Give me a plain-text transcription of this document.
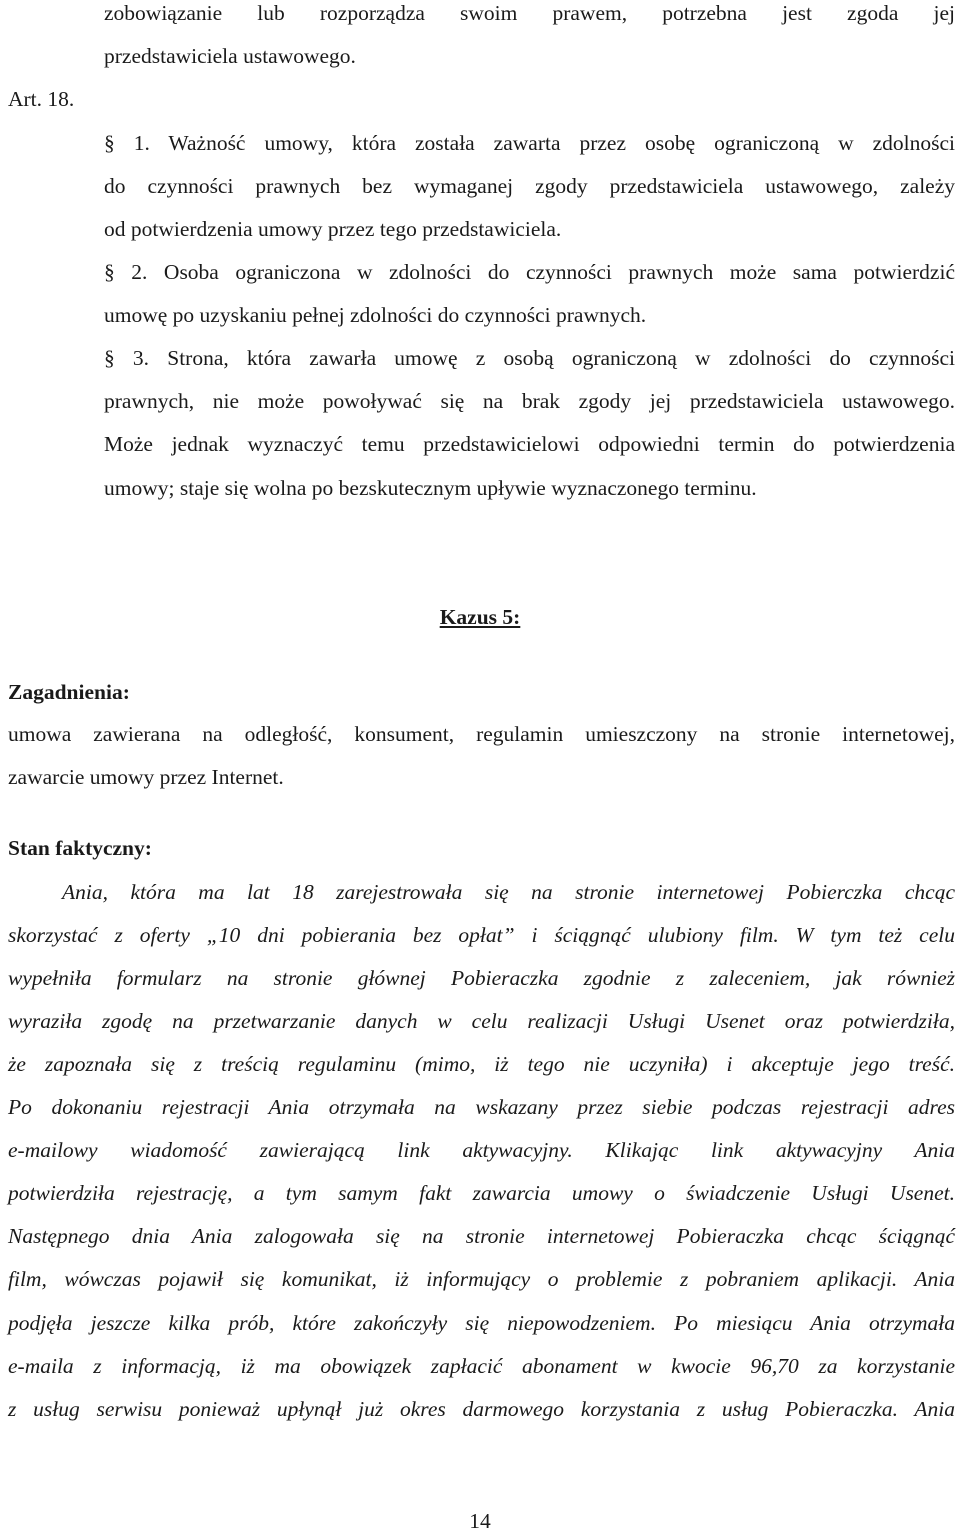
zobowiązanie lub rozporządza swoim prawem, potrzebna jest zgoda jej
przedstawiciela ustawowego.
Art. 18.
§ 1. Ważność umowy, która została zawarta przez osobę ograniczoną w zdolności
do czynności prawnych bez wymaganej zgody przedstawiciela ustawowego, zależy
od potwierdzenia umowy przez tego przedstawiciela.
§ 2. Osoba ograniczona w zdolności do czynności prawnych może sama potwierdzić
umowę po uzyskaniu pełnej zdolności do czynności prawnych.
§ 3. Strona, która zawarła umowę z osobą ograniczoną w zdolności do czynności
prawnych, nie może powoływać się na brak zgody jej przedstawiciela ustawowego.
Może jednak wyznaczyć temu przedstawicielowi odpowiedni termin do potwierdzenia
umowy; staje się wolna po bezskutecznym upływie wyznaczonego terminu.
Kazus 5:
Zagadnienia:
umowa zawierana na odległość, konsument, regulamin umieszczony na stronie internetowej,
zawarcie umowy przez Internet.
Stan faktyczny:
Ania, która ma lat 18 zarejestrowała się na stronie internetowej Pobierczka chcąc
skorzystać z oferty „10 dni pobierania bez opłat” i ściągnąć ulubiony film. W tym też celu
wypełniła formularz na stronie głównej Pobieraczka zgodnie z zaleceniem, jak również
wyraziła zgodę na przetwarzanie danych w celu realizacji Usługi Usenet oraz potwierdziła,
że zapoznała się z treścią regulaminu (mimo, iż tego nie uczyniła) i akceptuje jego treść.
Po dokonaniu rejestracji Ania otrzymała na wskazany przez siebie podczas rejestracji adres
e-mailowy wiadomość zawierającą link aktywacyjny. Klikając link aktywacyjny Ania
potwierdziła rejestrację, a tym samym fakt zawarcia umowy o świadczenie Usługi Usenet.
Następnego dnia Ania zalogowała się na stronie internetowej Pobieraczka chcąc ściągnąć
film, wówczas pojawił się komunikat, iż informujący o problemie z pobraniem aplikacji. Ania
podjęła jeszcze kilka prób, które zakończyły się niepowodzeniem. Po miesiącu Ania otrzymała
e-maila z informacją, iż ma obowiązek zapłacić abonament w kwocie 96,70 za korzystanie
z usług serwisu ponieważ upłynął już okres darmowego korzystania z usług Pobieraczka. Ania
14
